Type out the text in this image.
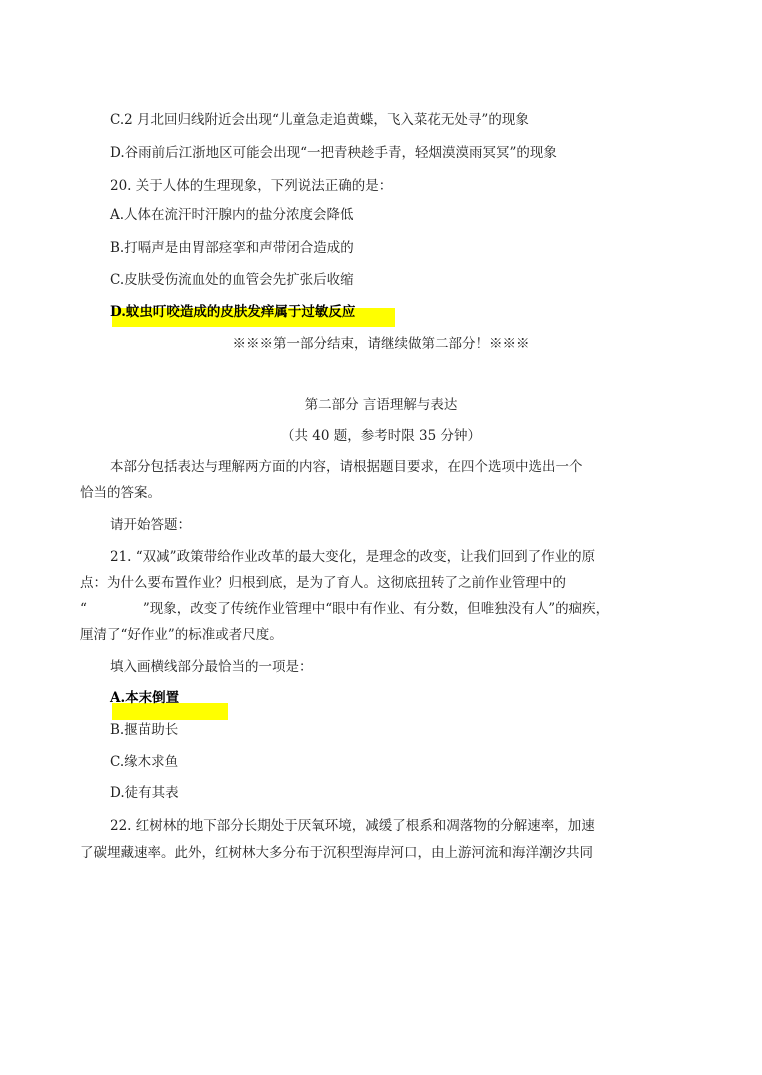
C.2 月北回归线附近会出现“儿童急走追黄蝶，飞入菜花无处寻”的现象
D.谷雨前后江浙地区可能会出现“一把青秧趁手青，轻烟漠漠雨冥冥”的现象
20. 关于人体的生理现象，下列说法正确的是：
A.人体在流汗时汗腺内的盐分浓度会降低
B.打嗝声是由胃部痉挛和声带闭合造成的
C.皮肤受伤流血处的血管会先扩张后收缩
D.蚊虫叮咬造成的皮肤发痒属于过敏反应
※※※第一部分结束，请继续做第二部分！※※※
第二部分 言语理解与表达
（共 40 题，参考时限 35 分钟）
本部分包括表达与理解两方面的内容，请根据题目要求，在四个选项中选出一个
恰当的答案。
请开始答题：
21. “双减”政策带给作业改革的最大变化，是理念的改变，让我们回到了作业的原
点：为什么要布置作业？归根到底，是为了育人。这彻底扭转了之前作业管理中的
“	”现象，改变了传统作业管理中“眼中有作业、有分数，但唯独没有人”的痼疾，
厘清了“好作业”的标准或者尺度。
填入画横线部分最恰当的一项是：
A.本末倒置
B.揠苗助长
C.缘木求鱼
D.徒有其表
22. 红树林的地下部分长期处于厌氧环境，减缓了根系和凋落物的分解速率，加速
了碳埋藏速率。此外，红树林大多分布于沉积型海岸河口，由上游河流和海洋潮汐共同
